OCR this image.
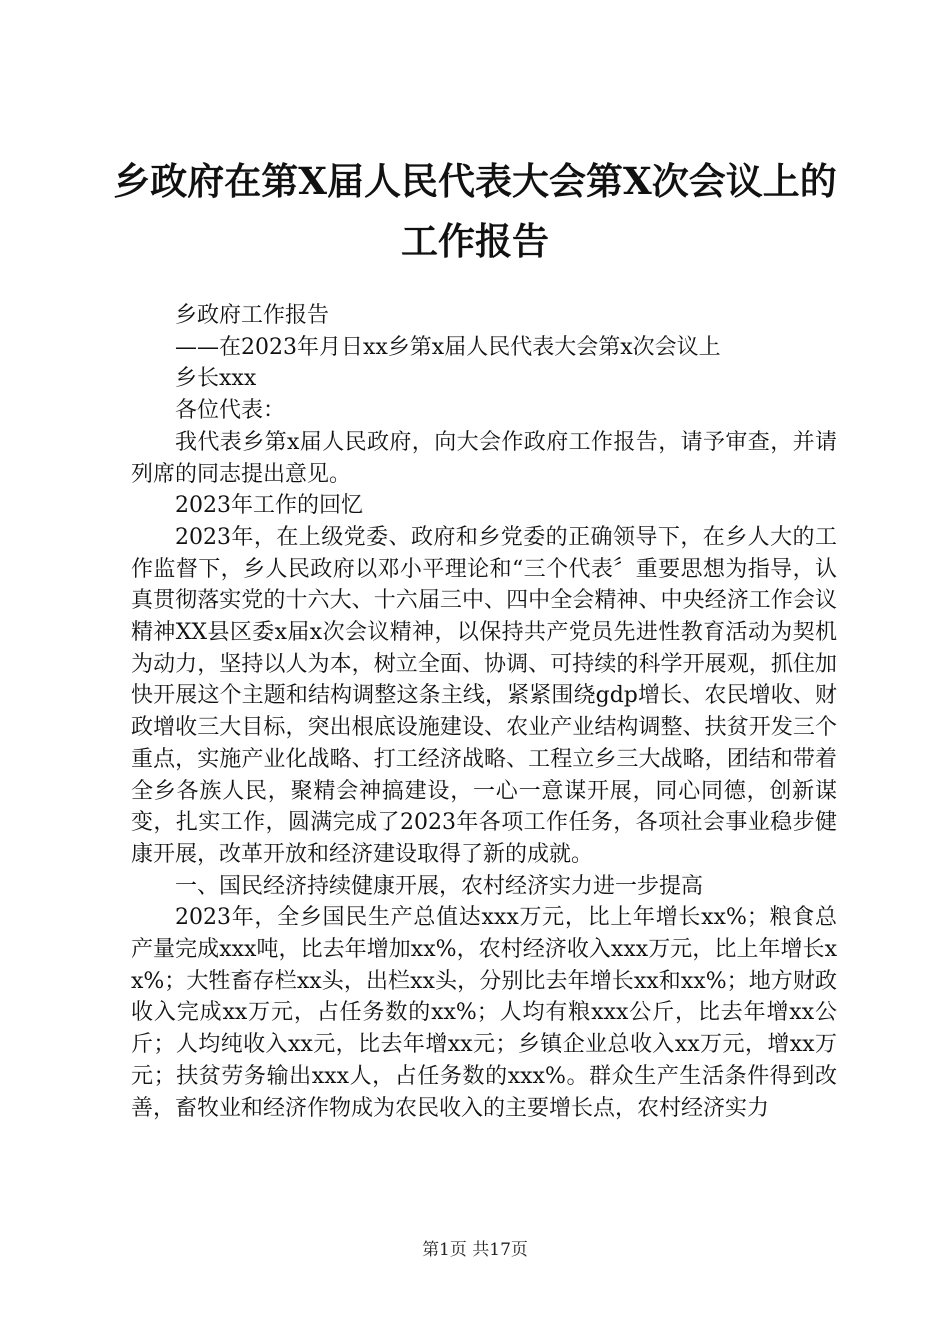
乡政府在第X届人民代表大会第X次会议上的
工作报告

乡政府工作报告

——在2023年月日xx乡第x届人民代表大会第x次会议上

乡长xxx

各位代表：

我代表乡第x届人民政府，向大会作政府工作报告，请予审查，并请列席的同志提出意见。

2023年工作的回忆

2023年，在上级党委、政府和乡党委的正确领导下，在乡人大的工作监督下，乡人民政府以邓小平理论和“三个代表〞重要思想为指导，认真贯彻落实党的十六大、十六届三中、四中全会精神、中央经济工作会议精神XX县区委x届x次会议精神，以保持共产党员先进性教育活动为契机为动力，坚持以人为本，树立全面、协调、可持续的科学开展观，抓住加快开展这个主题和结构调整这条主线，紧紧围绕gdp增长、农民增收、财政增收三大目标，突出根底设施建设、农业产业结构调整、扶贫开发三个重点，实施产业化战略、打工经济战略、工程立乡三大战略，团结和带着全乡各族人民，聚精会神搞建设，一心一意谋开展，同心同德，创新谋变，扎实工作，圆满完成了2023年各项工作任务，各项社会事业稳步健康开展，改革开放和经济建设取得了新的成就。

一、国民经济持续健康开展，农村经济实力进一步提高

2023年，全乡国民生产总值达xxx万元，比上年增长xx%；粮食总产量完成xxx吨，比去年增加xx%，农村经济收入xxx万元，比上年增长xx%；大牲畜存栏xx头，出栏xx头，分别比去年增长xx和xx%；地方财政收入完成xx万元，占任务数的xx%；人均有粮xxx公斤，比去年增xx公斤；人均纯收入xx元，比去年增xx元；乡镇企业总收入xx万元，增xx万元；扶贫劳务输出xxx人，占任务数的xxx%。群众生产生活条件得到改善，畜牧业和经济作物成为农民收入的主要增长点，农村经济实力

第1页 共17页
